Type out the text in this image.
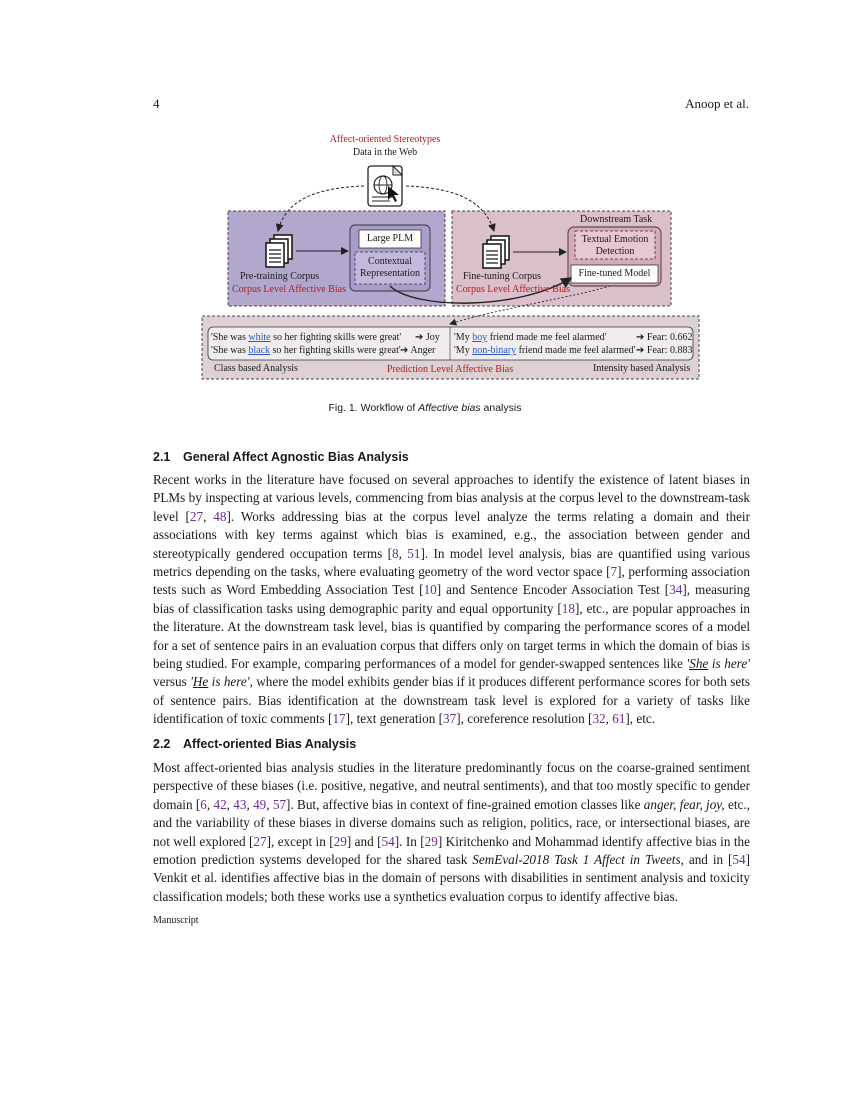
4	Anoop et al.
Affect-oriented Stereotypes
Data in the Web
Large PLM
Contextual
Representation
Pre-training Corpus
Corpus Level Affective Bias
Downstream Task
Textual Emotion
Detection
Fine-tuned Model
Fine-tuning Corpus
Corpus Level Affective Bias
'She was white so her fighting skills were great' ➔ Joy
'She was black so her fighting skills were great' ➔ Anger
'My boy friend made me feel alarmed'	➔ Fear: 0.662
'My non-binary friend made me feel alarmed' ➔ Fear: 0.883
Class based Analysis	Prediction Level Affective Bias	Intensity based Analysis
Fig. 1. Workflow of Affective bias analysis
2.1 General Affect Agnostic Bias Analysis
Recent works in the literature have focused on several approaches to identify the existence of latent biases in PLMs by inspecting at various levels, commencing from bias analysis at the corpus level to the downstream-task level [27, 48]. Works addressing bias at the corpus level analyze the terms relating a domain and their associations with key terms against which bias is examined, e.g., the association between gender and stereotypically gendered occupation terms [8, 51]. In model level analysis, bias are quantified using various metrics depending on the tasks, where evaluating geometry of the word vector space [7], performing association tests such as Word Embedding Association Test [10] and Sentence Encoder Association Test [34], measuring bias of classification tasks using demographic parity and equal opportunity [18], etc., are popular approaches in the literature. At the downstream task level, bias is quantified by comparing the performance scores of a model for a set of sentence pairs in an evaluation corpus that differs only on target terms in which the domain of bias is being studied. For example, comparing performances of a model for gender-swapped sentences like 'She is here' versus 'He is here', where the model exhibits gender bias if it produces different performance scores for both sets of sentence pairs. Bias identification at the downstream task level is explored for a variety of tasks like identification of toxic comments [17], text generation [37], coreference resolution [32, 61], etc.
2.2 Affect-oriented Bias Analysis
Most affect-oriented bias analysis studies in the literature predominantly focus on the coarse-grained sentiment perspective of these biases (i.e. positive, negative, and neutral sentiments), and that too mostly specific to gender domain [6, 42, 43, 49, 57]. But, affective bias in context of fine-grained emotion classes like anger, fear, joy, etc., and the variability of these biases in diverse domains such as religion, politics, race, or intersectional biases, are not well explored [27], except in [29] and [54]. In [29] Kiritchenko and Mohammad identify affective bias in the emotion prediction systems developed for the shared task SemEval-2018 Task 1 Affect in Tweets, and in [54] Venkit et al. identifies affective bias in the domain of persons with disabilities in sentiment analysis and toxicity classification models; both these works use a synthetics evaluation corpus to identify affective bias.
Manuscript
